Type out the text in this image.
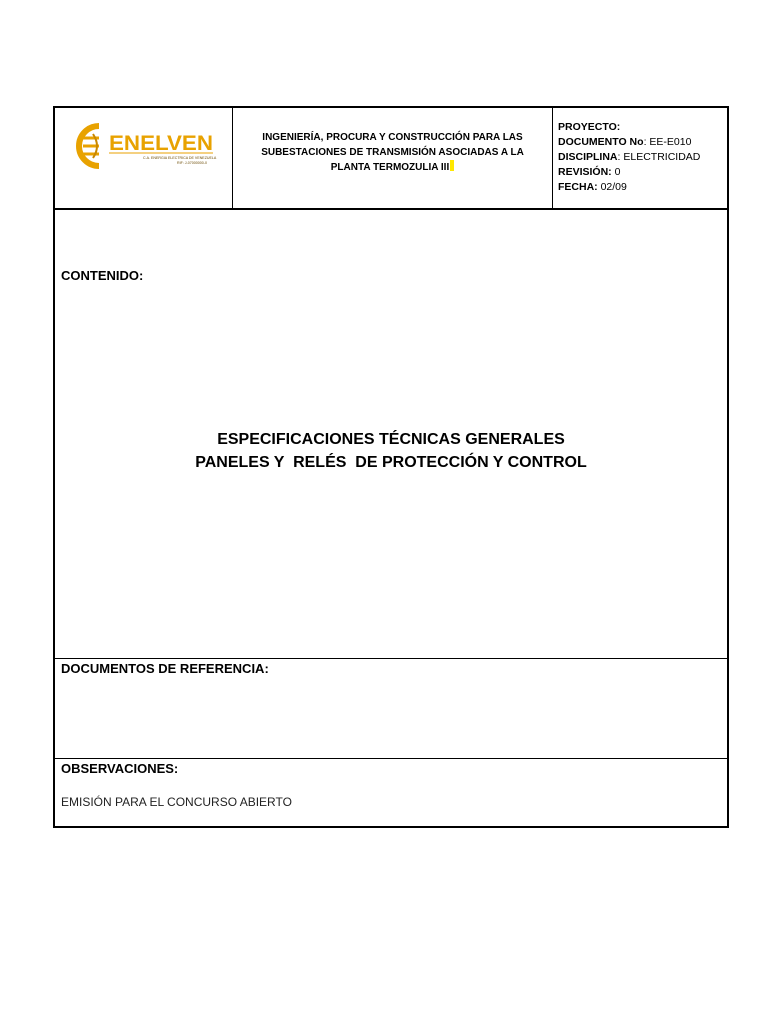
ENELVEN
C.A. ENERGIA ELECTRICA DE VENEZUELA
RIF: J-07000000-0
INGENIERÍA, PROCURA Y CONSTRUCCIÓN PARA LAS
SUBESTACIONES DE TRANSMISIÓN ASOCIADAS A LA
PLANTA TERMOZULIA III
PROYECTO:
DOCUMENTO No: EE-E010
DISCIPLINA: ELECTRICIDAD
REVISIÓN: 0
FECHA: 02/09
CONTENIDO:
ESPECIFICACIONES TÉCNICAS GENERALES
PANELES Y  RELÉS  DE PROTECCIÓN Y CONTROL
DOCUMENTOS DE REFERENCIA:
OBSERVACIONES:
EMISIÓN PARA EL CONCURSO ABIERTO
